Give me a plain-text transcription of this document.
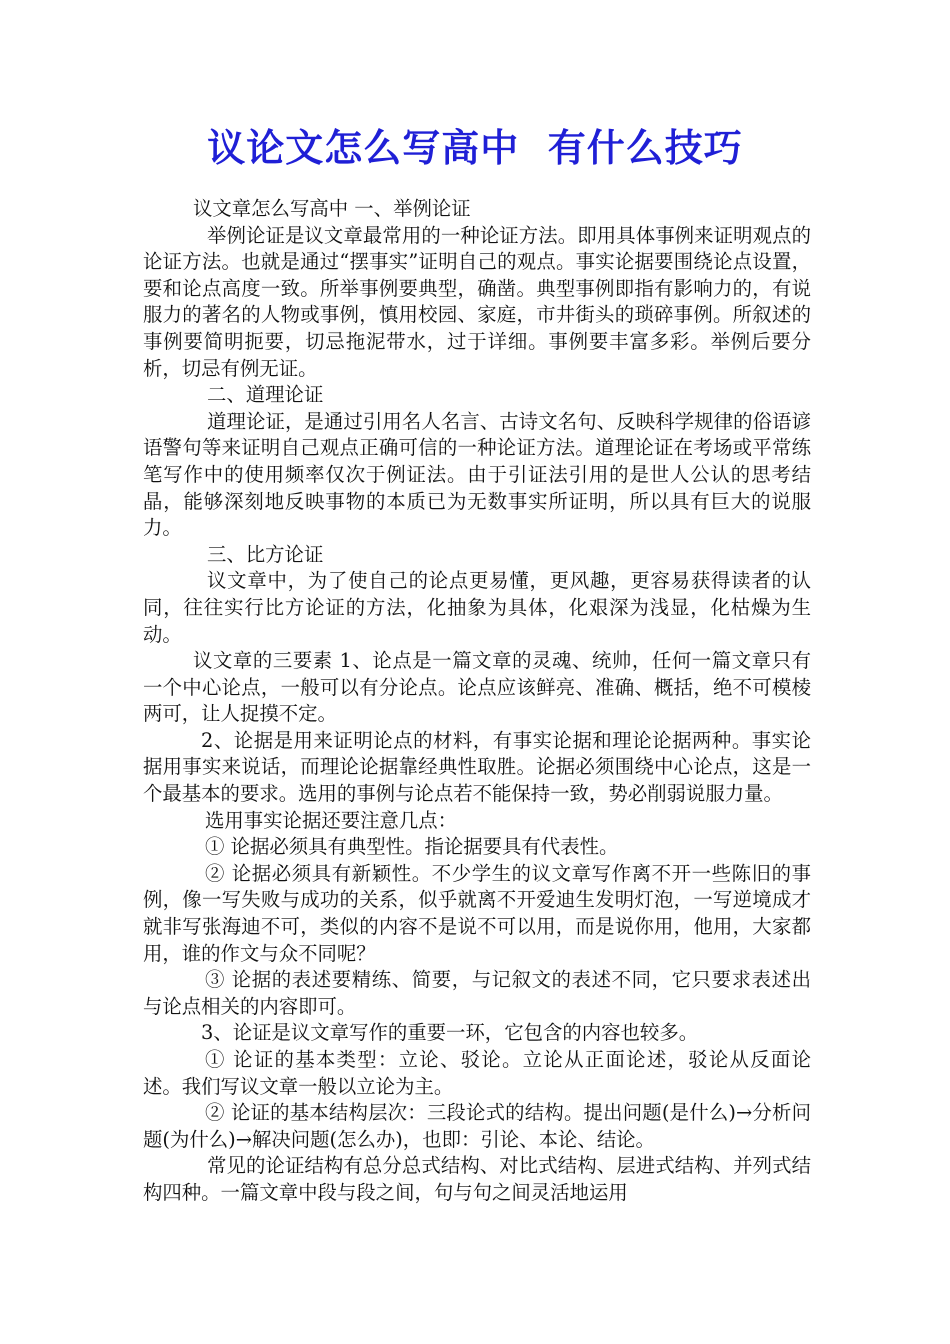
议论文怎么写高中  有什么技巧

议文章怎么写高中 一、举例论证

举例论证是议文章最常用的一种论证方法。即用具体事例来证明观点的论证方法。也就是通过“摆事实”证明自己的观点。事实论据要围绕论点设置，要和论点高度一致。所举事例要典型，确凿。典型事例即指有影响力的，有说服力的著名的人物或事例，慎用校园、家庭，市井街头的琐碎事例。所叙述的事例要简明扼要，切忌拖泥带水，过于详细。事例要丰富多彩。举例后要分析，切忌有例无证。

二、道理论证

道理论证，是通过引用名人名言、古诗文名句、反映科学规律的俗语谚语警句等来证明自己观点正确可信的一种论证方法。道理论证在考场或平常练笔写作中的使用频率仅次于例证法。由于引证法引用的是世人公认的思考结晶，能够深刻地反映事物的本质已为无数事实所证明，所以具有巨大的说服力。

三、比方论证

议文章中，为了使自己的论点更易懂，更风趣，更容易获得读者的认同，往往实行比方论证的方法，化抽象为具体，化艰深为浅显，化枯燥为生动。

议文章的三要素 1、论点是一篇文章的灵魂、统帅，任何一篇文章只有一个中心论点，一般可以有分论点。论点应该鲜亮、准确、概括，绝不可模棱两可，让人捉摸不定。

2、论据是用来证明论点的材料，有事实论据和理论论据两种。事实论据用事实来说话，而理论论据靠经典性取胜。论据必须围绕中心论点，这是一个最基本的要求。选用的事例与论点若不能保持一致，势必削弱说服力量。

选用事实论据还要注意几点：

① 论据必须具有典型性。指论据要具有代表性。

② 论据必须具有新颖性。不少学生的议文章写作离不开一些陈旧的事例，像一写失败与成功的关系，似乎就离不开爱迪生发明灯泡，一写逆境成才就非写张海迪不可，类似的内容不是说不可以用，而是说你用，他用，大家都用，谁的作文与众不同呢？

③ 论据的表述要精练、简要，与记叙文的表述不同，它只要求表述出与论点相关的内容即可。

3、论证是议文章写作的重要一环，它包含的内容也较多。

① 论证的基本类型：立论、驳论。立论从正面论述，驳论从反面论述。我们写议文章一般以立论为主。

② 论证的基本结构层次：三段论式的结构。提出问题(是什么)→分析问题(为什么)→解决问题(怎么办)，也即：引论、本论、结论。

常见的论证结构有总分总式结构、对比式结构、层进式结构、并列式结构四种。一篇文章中段与段之间，句与句之间灵活地运用
